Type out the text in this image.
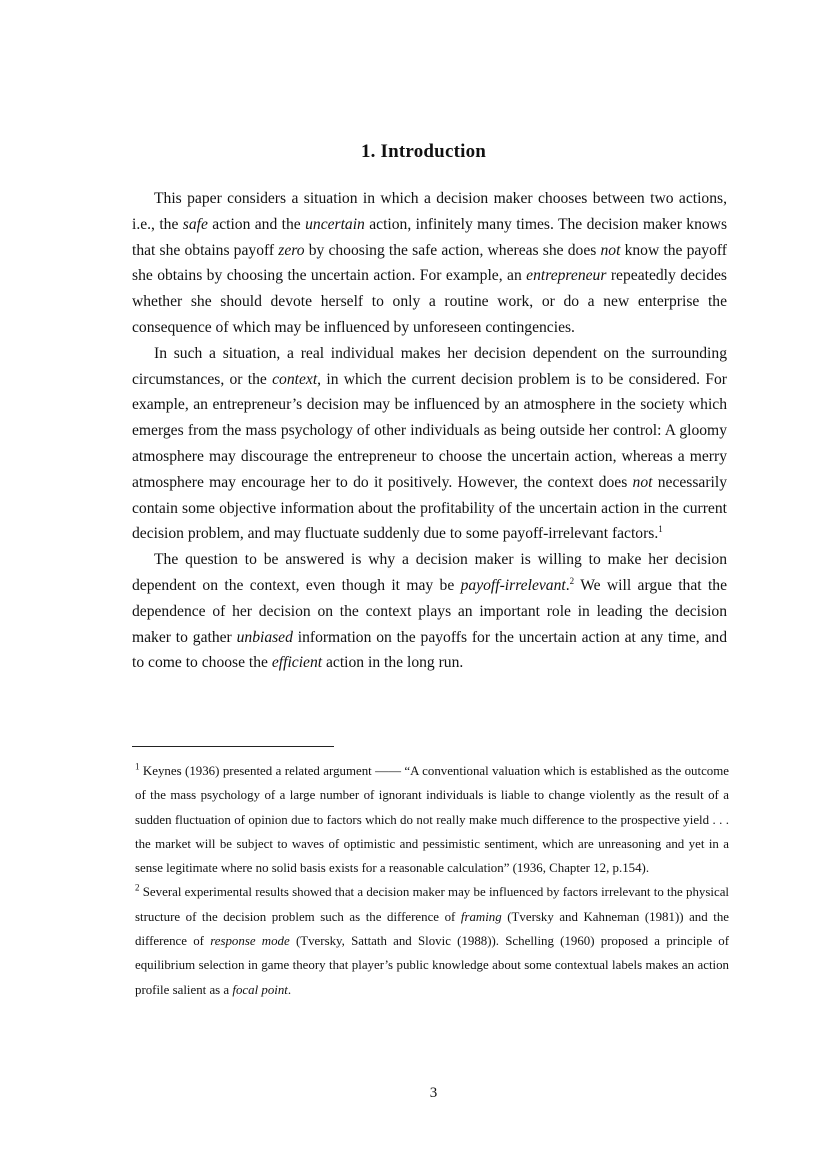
1. Introduction

This paper considers a situation in which a decision maker chooses between two actions, i.e., the safe action and the uncertain action, infinitely many times. The decision maker knows that she obtains payoff zero by choosing the safe action, whereas she does not know the payoff she obtains by choosing the uncertain action. For example, an entrepreneur repeatedly decides whether she should devote herself to only a routine work, or do a new enterprise the consequence of which may be influenced by unforeseen contingencies.

In such a situation, a real individual makes her decision dependent on the surrounding circumstances, or the context, in which the current decision problem is to be considered. For example, an entrepreneur’s decision may be influenced by an atmosphere in the society which emerges from the mass psychology of other individuals as being outside her control: A gloomy atmosphere may discourage the entrepreneur to choose the uncertain action, whereas a merry atmosphere may encourage her to do it positively. However, the context does not necessarily contain some objective information about the profitability of the uncertain action in the current decision problem, and may fluctuate suddenly due to some payoff-irrelevant factors.$^1$

The question to be answered is why a decision maker is willing to make her decision dependent on the context, even though it may be payoff-irrelevant.$^2$ We will argue that the dependence of her decision on the context plays an important role in leading the decision maker to gather unbiased information on the payoffs for the uncertain action at any time, and to come to choose the efficient action in the long run.

$^1$ Keynes (1936) presented a related argument —— “A conventional valuation which is established as the outcome of the mass psychology of a large number of ignorant individuals is liable to change violently as the result of a sudden fluctuation of opinion due to factors which do not really make much difference to the prospective yield . . . the market will be subject to waves of optimistic and pessimistic sentiment, which are unreasoning and yet in a sense legitimate where no solid basis exists for a reasonable calculation” (1936, Chapter 12, p.154).

$^2$ Several experimental results showed that a decision maker may be influenced by factors irrelevant to the physical structure of the decision problem such as the difference of framing (Tversky and Kahneman (1981)) and the difference of response mode (Tversky, Sattath and Slovic (1988)). Schelling (1960) proposed a principle of equilibrium selection in game theory that player’s public knowledge about some contextual labels makes an action profile salient as a focal point.

3
